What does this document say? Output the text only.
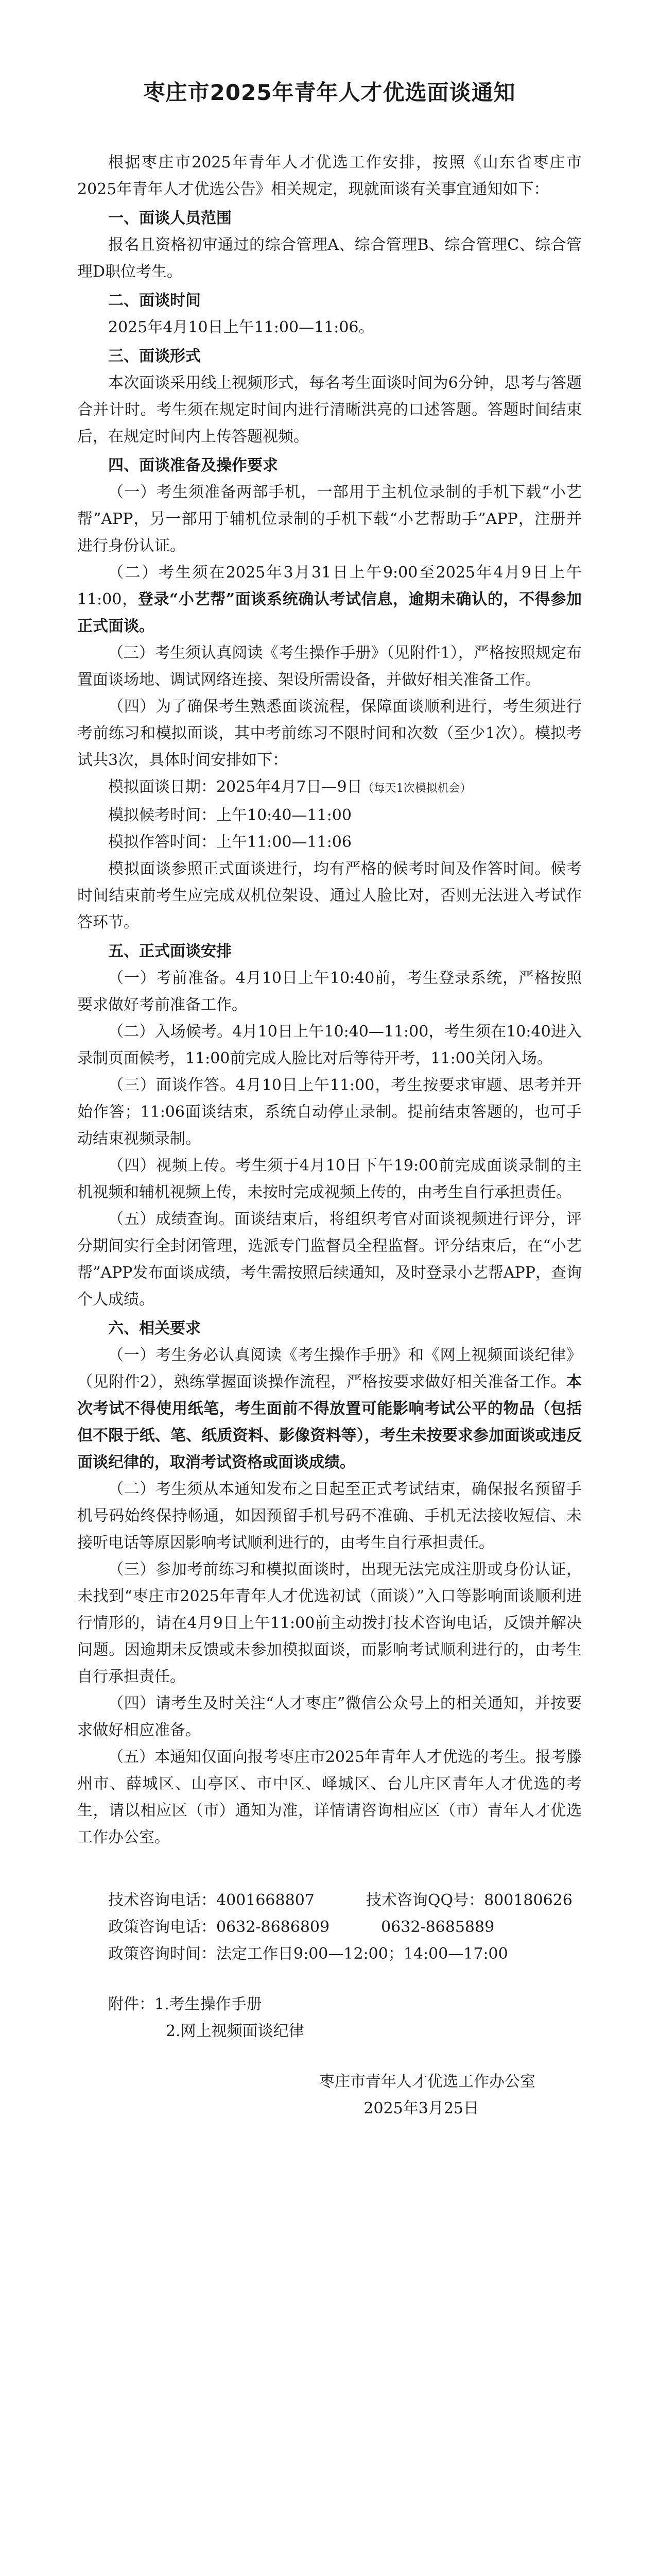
枣庄市2025年青年人才优选面谈通知

根据枣庄市2025年青年人才优选工作安排，按照《山东省枣庄市2025年青年人才优选公告》相关规定，现就面谈有关事宜通知如下：

一、面谈人员范围

报名且资格初审通过的综合管理A、综合管理B、综合管理C、综合管理D职位考生。

二、面谈时间

2025年4月10日上午11:00—11:06。

三、面谈形式

本次面谈采用线上视频形式，每名考生面谈时间为6分钟，思考与答题合并计时。考生须在规定时间内进行清晰洪亮的口述答题。答题时间结束后，在规定时间内上传答题视频。

四、面谈准备及操作要求

（一）考生须准备两部手机，一部用于主机位录制的手机下载“小艺帮”APP，另一部用于辅机位录制的手机下载“小艺帮助手”APP，注册并进行身份认证。

（二）考生须在2025年3月31日上午9:00至2025年4月9日上午11:00，登录“小艺帮”面谈系统确认考试信息，逾期未确认的，不得参加正式面谈。

（三）考生须认真阅读《考生操作手册》（见附件1），严格按照规定布置面谈场地、调试网络连接、架设所需设备，并做好相关准备工作。

（四）为了确保考生熟悉面谈流程，保障面谈顺利进行，考生须进行考前练习和模拟面谈，其中考前练习不限时间和次数（至少1次）。模拟考试共3次，具体时间安排如下：

模拟面谈日期：2025年4月7日—9日（每天1次模拟机会）

模拟候考时间：上午10:40—11:00

模拟作答时间：上午11:00—11:06

模拟面谈参照正式面谈进行，均有严格的候考时间及作答时间。候考时间结束前考生应完成双机位架设、通过人脸比对，否则无法进入考试作答环节。

五、正式面谈安排

（一）考前准备。4月10日上午10:40前，考生登录系统，严格按照要求做好考前准备工作。

（二）入场候考。4月10日上午10:40—11:00，考生须在10:40进入录制页面候考，11:00前完成人脸比对后等待开考，11:00关闭入场。

（三）面谈作答。4月10日上午11:00，考生按要求审题、思考并开始作答；11:06面谈结束，系统自动停止录制。提前结束答题的，也可手动结束视频录制。

（四）视频上传。考生须于4月10日下午19:00前完成面谈录制的主机视频和辅机视频上传，未按时完成视频上传的，由考生自行承担责任。

（五）成绩查询。面谈结束后，将组织考官对面谈视频进行评分，评分期间实行全封闭管理，选派专门监督员全程监督。评分结束后，在“小艺帮”APP发布面谈成绩，考生需按照后续通知，及时登录小艺帮APP，查询个人成绩。

六、相关要求

（一）考生务必认真阅读《考生操作手册》和《网上视频面谈纪律》（见附件2），熟练掌握面谈操作流程，严格按要求做好相关准备工作。本次考试不得使用纸笔，考生面前不得放置可能影响考试公平的物品（包括但不限于纸、笔、纸质资料、影像资料等），考生未按要求参加面谈或违反面谈纪律的，取消考试资格或面谈成绩。

（二）考生须从本通知发布之日起至正式考试结束，确保报名预留手机号码始终保持畅通，如因预留手机号码不准确、手机无法接收短信、未接听电话等原因影响考试顺利进行的，由考生自行承担责任。

（三）参加考前练习和模拟面谈时，出现无法完成注册或身份认证，未找到“枣庄市2025年青年人才优选初试（面谈）”入口等影响面谈顺利进行情形的，请在4月9日上午11:00前主动拨打技术咨询电话，反馈并解决问题。因逾期未反馈或未参加模拟面谈，而影响考试顺利进行的，由考生自行承担责任。

（四）请考生及时关注“人才枣庄”微信公众号上的相关通知，并按要求做好相应准备。

（五）本通知仅面向报考枣庄市2025年青年人才优选的考生。报考滕州市、薛城区、山亭区、市中区、峄城区、台儿庄区青年人才优选的考生，请以相应区（市）通知为准，详情请咨询相应区（市）青年人才优选工作办公室。

技术咨询电话：4001668807	技术咨询QQ号：800180626

政策咨询电话：0632-8686809	0632-8685889

政策咨询时间：法定工作日9:00—12:00；14:00—17:00

附件：1.考生操作手册

2.网上视频面谈纪律

枣庄市青年人才优选工作办公室

2025年3月25日
